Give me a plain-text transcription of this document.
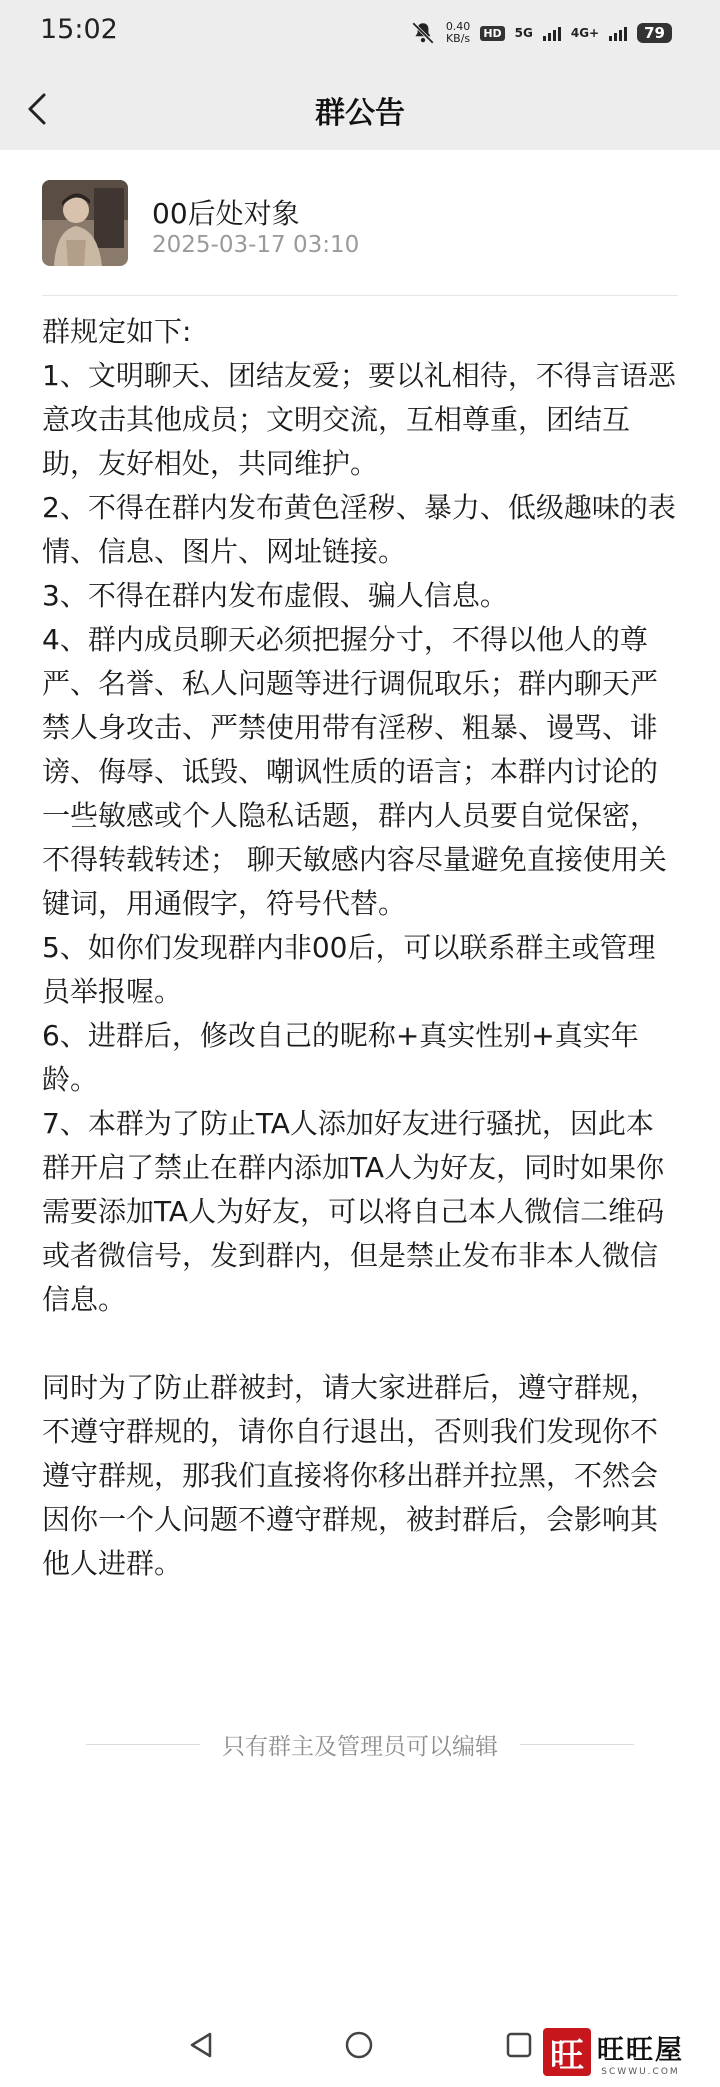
15:02	0.40
KB/s HD 5G	4G+	79
群公告
00后处对象
2025-03-17 03:10

群规定如下:

1、文明聊天、团结友爱；要以礼相待，不得言语恶意攻击其他成员；文明交流，互相尊重，团结互助，友好相处，共同维护。

2、不得在群内发布黄色淫秽、暴力、低级趣味的表情、信息、图片、网址链接。

3、不得在群内发布虚假、骗人信息。

4、群内成员聊天必须把握分寸，不得以他人的尊严、名誉、私人问题等进行调侃取乐；群内聊天严禁人身攻击、严禁使用带有淫秽、粗暴、谩骂、诽谤、侮辱、诋毁、嘲讽性质的语言；本群内讨论的一些敏感或个人隐私话题，群内人员要自觉保密，不得转载转述； 聊天敏感内容尽量避免直接使用关键词，用通假字，符号代替。

5、如你们发现群内非00后，可以联系群主或管理员举报喔。

6、进群后，修改自己的昵称+真实性别+真实年龄。

7、本群为了防止TA人添加好友进行骚扰，因此本群开启了禁止在群内添加TA人为好友，同时如果你需要添加TA人为好友，可以将自己本人微信二维码或者微信号，发到群内，但是禁止发布非本人微信信息。

同时为了防止群被封，请大家进群后，遵守群规，不遵守群规的，请你自行退出，否则我们发现你不遵守群规，那我们直接将你移出群并拉黑，不然会因你一个人问题不遵守群规，被封群后，会影响其他人进群。

只有群主及管理员可以编辑
旺 旺旺屋
SCWWU.COM
